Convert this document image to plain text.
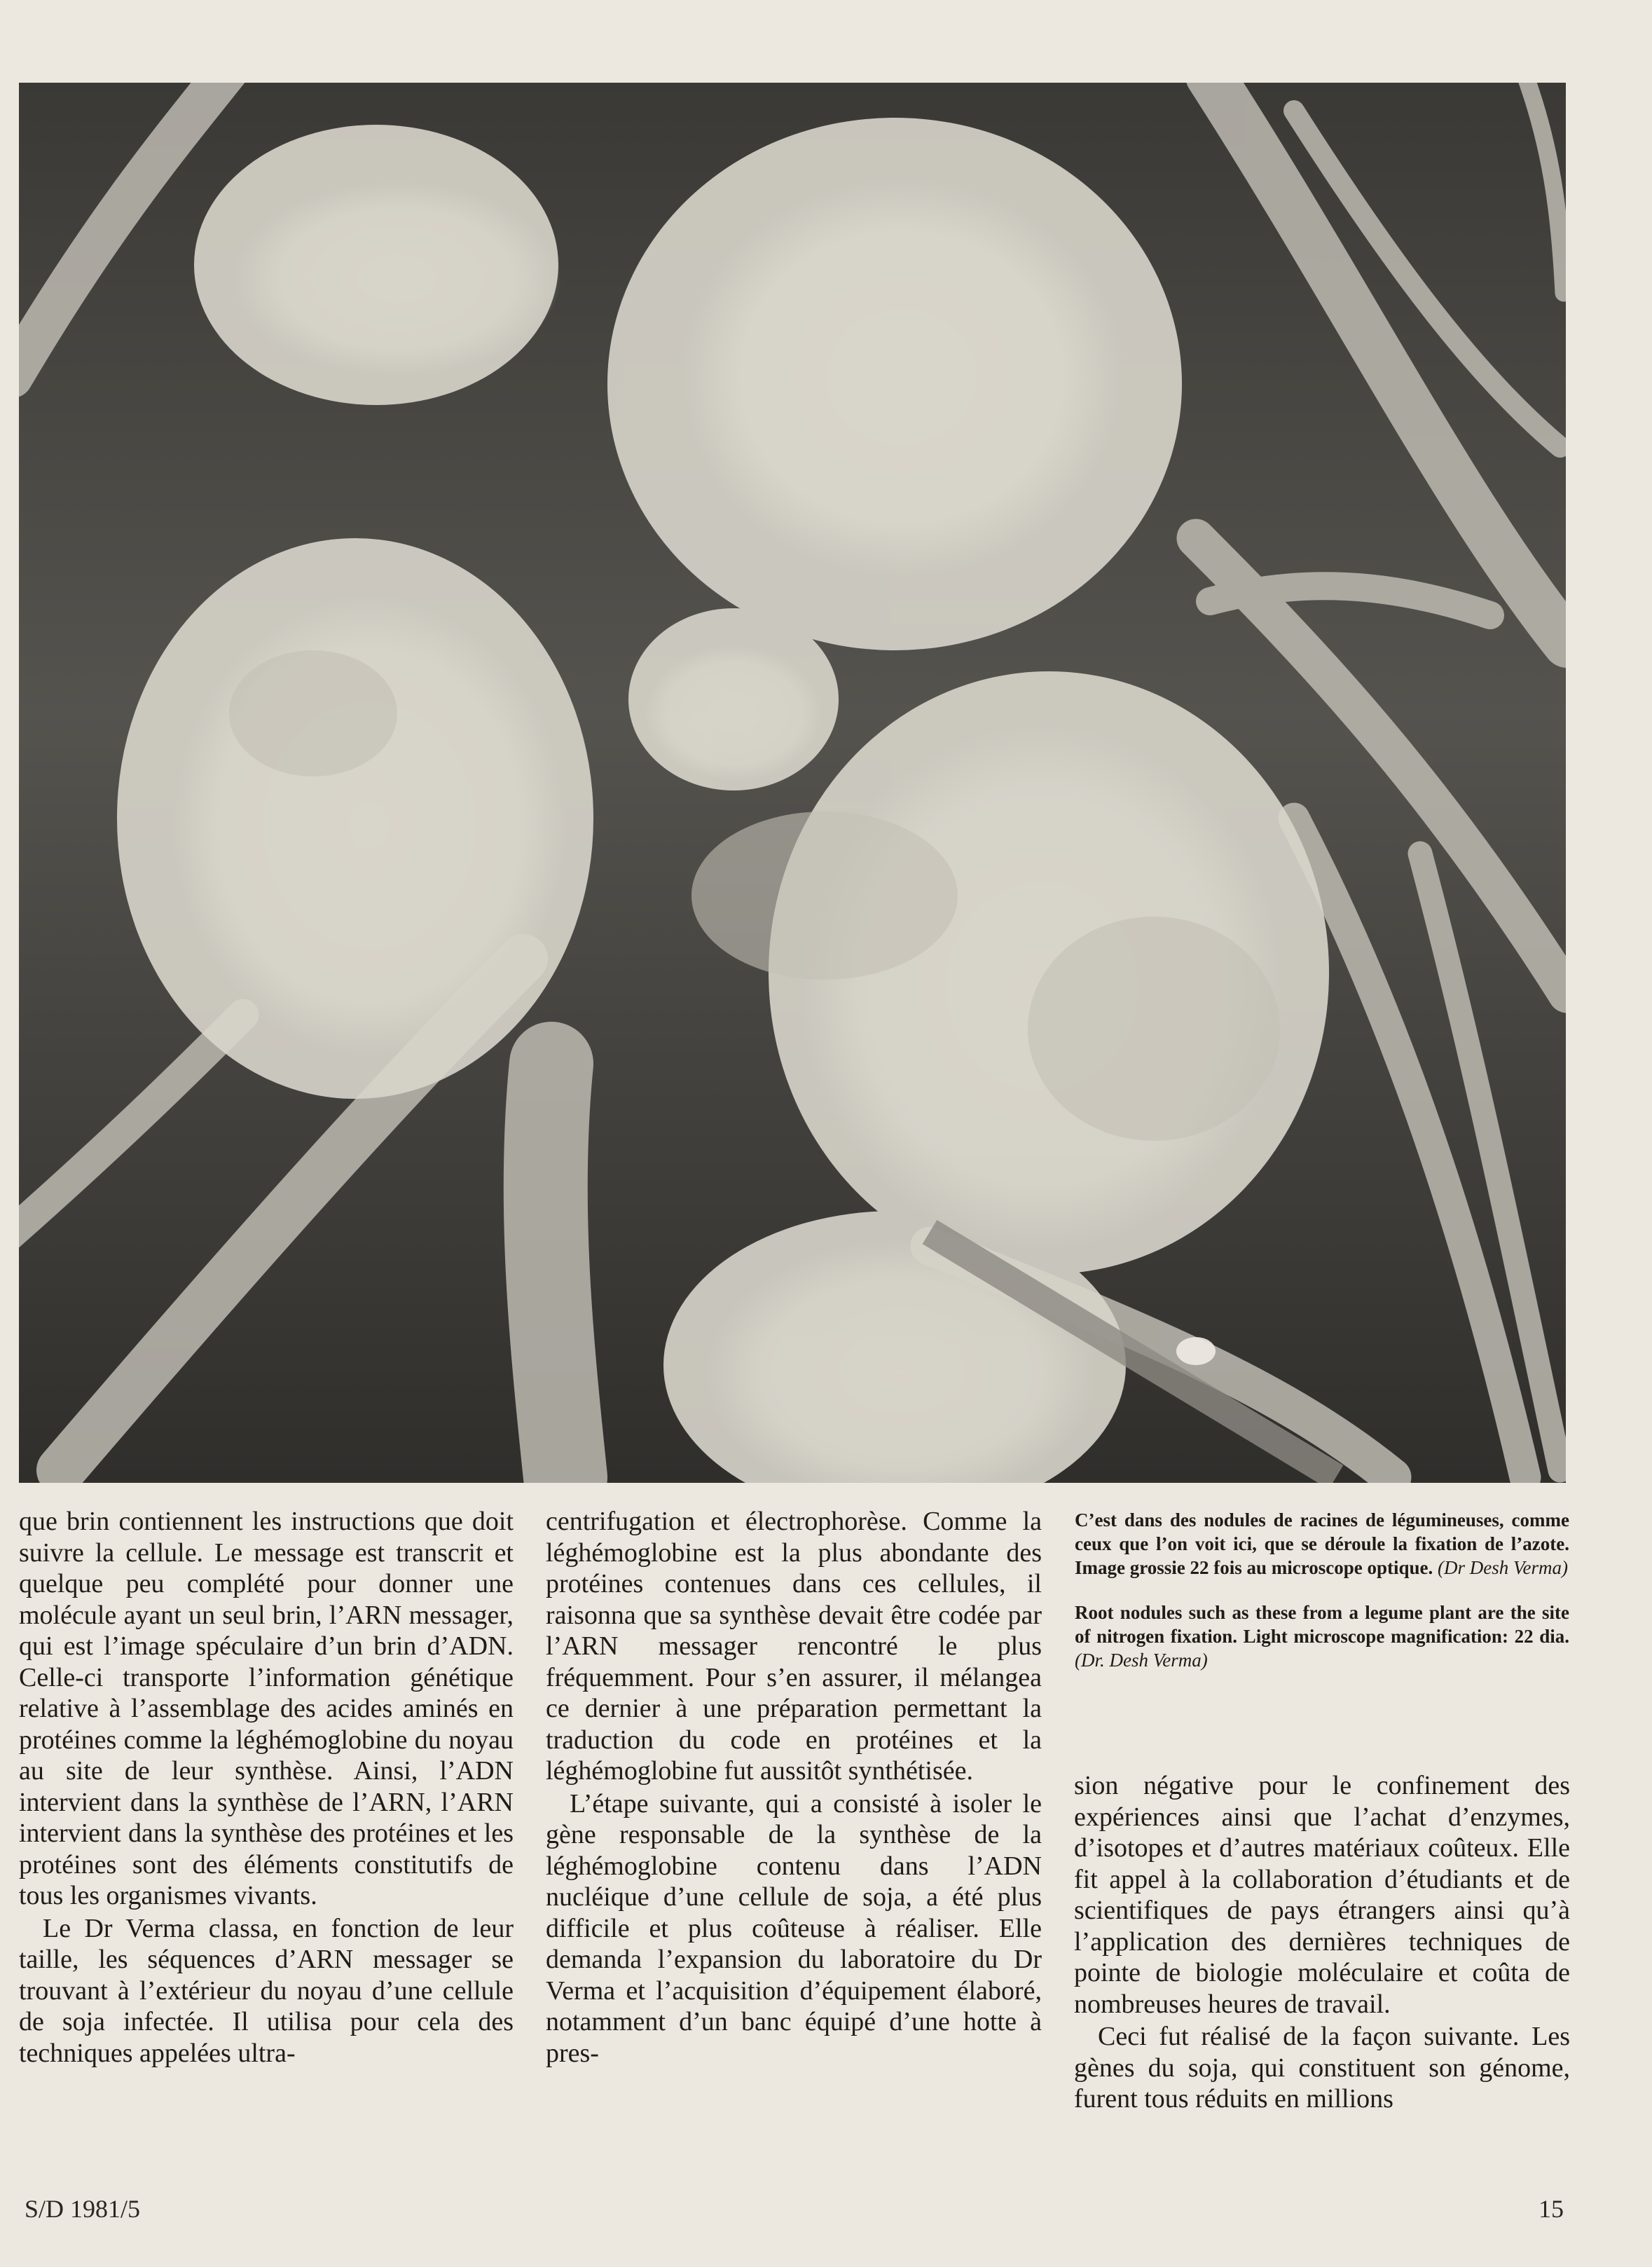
que brin contiennent les instructions que doit suivre la cellule. Le message est transcrit et quelque peu complété pour donner une molécule ayant un seul brin, l’ARN messager, qui est l’image spéculaire d’un brin d’ADN. Celle-ci transporte l’information génétique relative à l’assemblage des acides aminés en protéines comme la léghémoglobine du noyau au site de leur synthèse. Ainsi, l’ADN intervient dans la synthèse de l’ARN, l’ARN intervient dans la synthèse des protéines et les protéines sont des éléments constitutifs de tous les organismes vivants.

Le Dr Verma classa, en fonction de leur taille, les séquences d’ARN messager se trouvant à l’extérieur du noyau d’une cellule de soja infectée. Il utilisa pour cela des techniques appelées ultra-

centrifugation et électrophorèse. Comme la léghémoglobine est la plus abondante des protéines contenues dans ces cellules, il raisonna que sa synthèse devait être codée par l’ARN messager rencontré le plus fréquemment. Pour s’en assurer, il mélangea ce dernier à une préparation permettant la traduction du code en protéines et la léghémoglobine fut aussitôt synthétisée.

L’étape suivante, qui a consisté à isoler le gène responsable de la synthèse de la léghémoglobine contenu dans l’ADN nucléique d’une cellule de soja, a été plus difficile et plus coûteuse à réaliser. Elle demanda l’expansion du laboratoire du Dr Verma et l’acquisition d’équipement élaboré, notamment d’un banc équipé d’une hotte à pres-

C’est dans des nodules de racines de légumineuses, comme ceux que l’on voit ici, que se déroule la fixation de l’azote. Image grossie 22 fois au microscope optique. (Dr Desh Verma)

Root nodules such as these from a legume plant are the site of nitrogen fixation. Light microscope magnification: 22 dia. (Dr. Desh Verma)

sion négative pour le confinement des expériences ainsi que l’achat d’enzymes, d’isotopes et d’autres matériaux coûteux. Elle fit appel à la collaboration d’étudiants et de scientifiques de pays étrangers ainsi qu’à l’application des dernières techniques de pointe de biologie moléculaire et coûta de nombreuses heures de travail.

Ceci fut réalisé de la façon suivante. Les gènes du soja, qui constituent son génome, furent tous réduits en millions

S/D 1981/5	15
